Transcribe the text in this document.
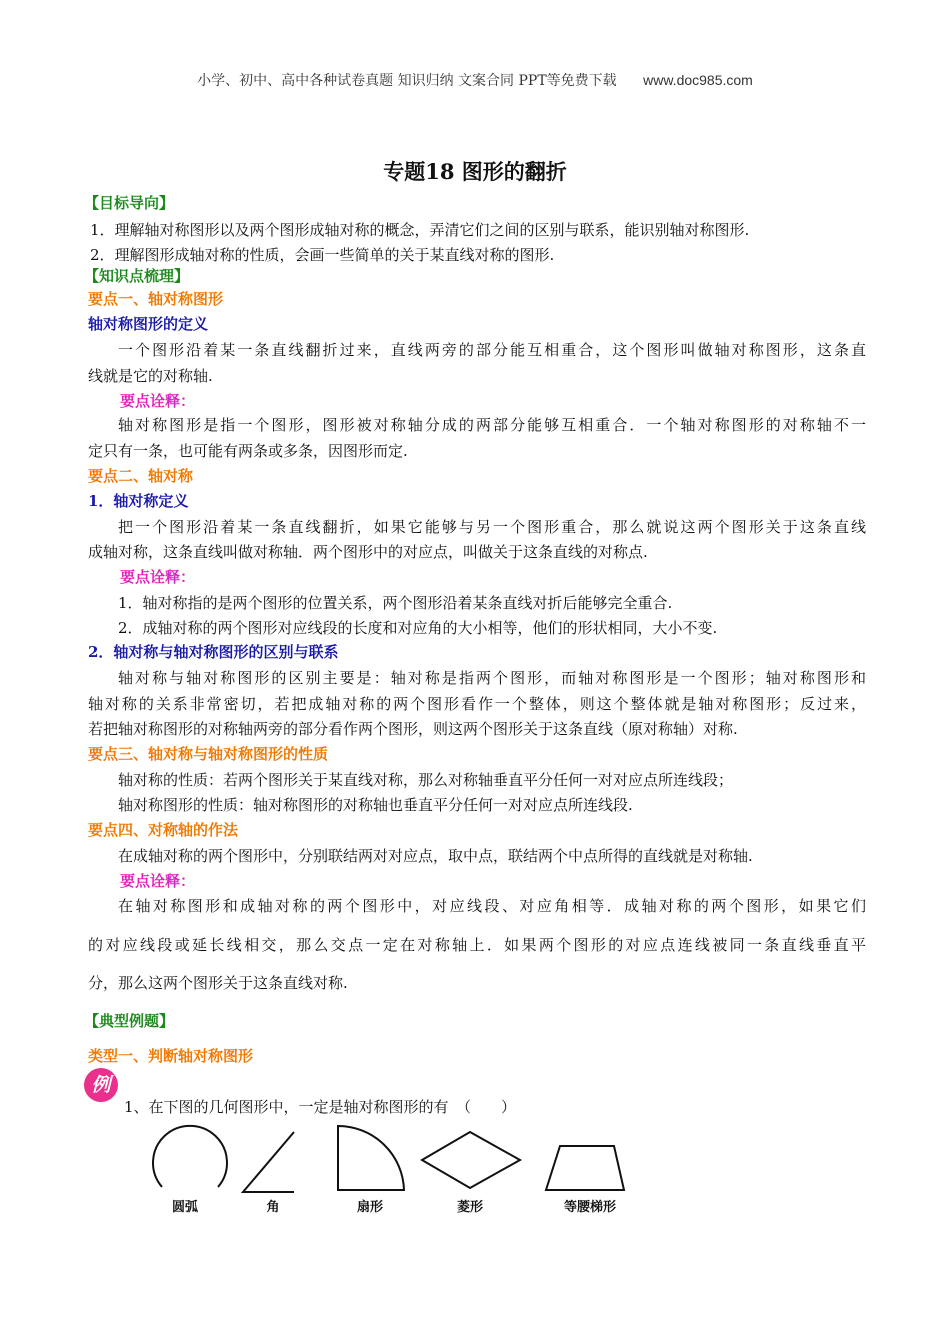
小学、初中、高中各种试卷真题 知识归纳 文案合同 PPT等免费下载 www.doc985.com
专题18 图形的翻折
【目标导向】
1．理解轴对称图形以及两个图形成轴对称的概念，弄清它们之间的区别与联系，能识别轴对称图形.
2．理解图形成轴对称的性质，会画一些简单的关于某直线对称的图形.
【知识点梳理】
要点一、轴对称图形
轴对称图形的定义
一个图形沿着某一条直线翻折过来，直线两旁的部分能互相重合，这个图形叫做轴对称图形，这条直
线就是它的对称轴.
要点诠释：
轴对称图形是指一个图形，图形被对称轴分成的两部分能够互相重合．一个轴对称图形的对称轴不一
定只有一条，也可能有两条或多条，因图形而定.
要点二、轴对称
1．轴对称定义
把一个图形沿着某一条直线翻折，如果它能够与另一个图形重合，那么就说这两个图形关于这条直线
成轴对称，这条直线叫做对称轴．两个图形中的对应点，叫做关于这条直线的对称点.
要点诠释：
1．轴对称指的是两个图形的位置关系，两个图形沿着某条直线对折后能够完全重合.
2．成轴对称的两个图形对应线段的长度和对应角的大小相等，他们的形状相同，大小不变.
2．轴对称与轴对称图形的区别与联系
轴对称与轴对称图形的区别主要是：轴对称是指两个图形，而轴对称图形是一个图形；轴对称图形和
轴对称的关系非常密切，若把成轴对称的两个图形看作一个整体，则这个整体就是轴对称图形；反过来，
若把轴对称图形的对称轴两旁的部分看作两个图形，则这两个图形关于这条直线（原对称轴）对称.
要点三、轴对称与轴对称图形的性质
轴对称的性质：若两个图形关于某直线对称，那么对称轴垂直平分任何一对对应点所连线段；
轴对称图形的性质：轴对称图形的对称轴也垂直平分任何一对对应点所连线段.
要点四、对称轴的作法
在成轴对称的两个图形中，分别联结两对对应点，取中点，联结两个中点所得的直线就是对称轴.
要点诠释：
在轴对称图形和成轴对称的两个图形中，对应线段、对应角相等．成轴对称的两个图形，如果它们
的对应线段或延长线相交，那么交点一定在对称轴上．如果两个图形的对应点连线被同一条直线垂直平
分，那么这两个图形关于这条直线对称.
【典型例题】
类型一、判断轴对称图形
例
1、在下图的几何图形中，一定是轴对称图形的有　（　　）
圆弧	角	扇形	菱形	等腰梯形
